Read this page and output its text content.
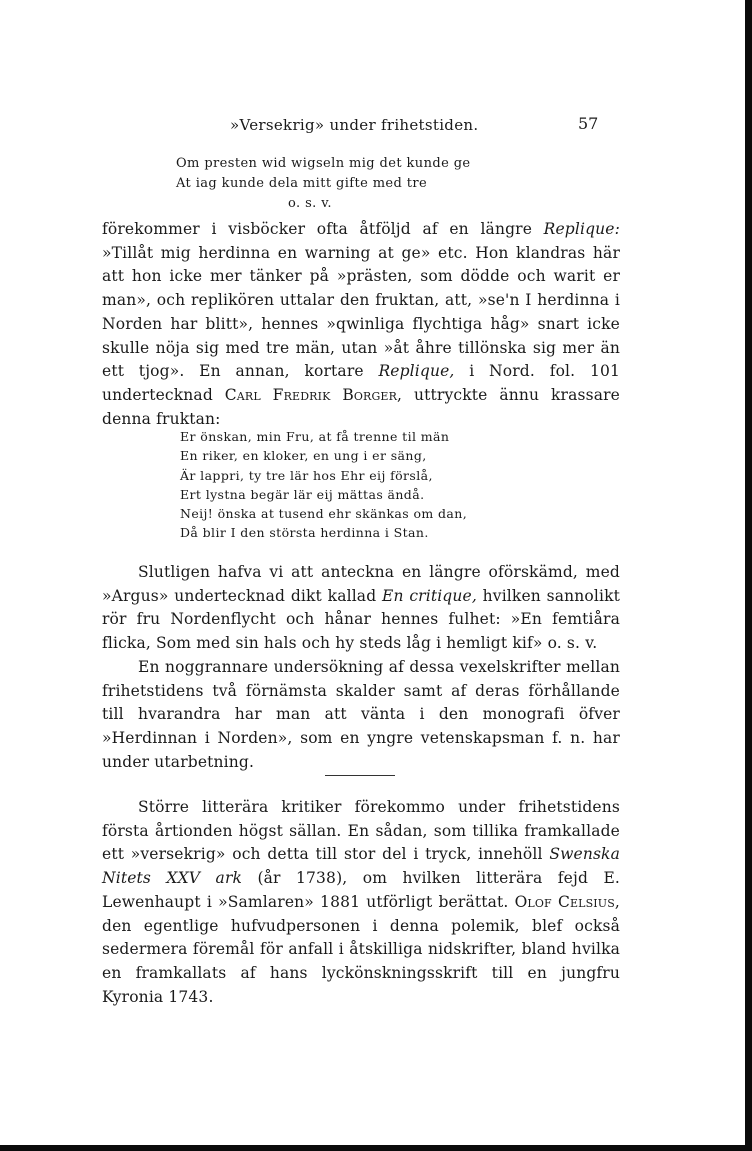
»Versekrig» under frihetstiden.	57
Om presten wid wigseln mig det kunde ge
At iag kunde dela mitt gifte med tre
o. s. v.

förekommer i visböcker ofta åtföljd af en längre Replique: »Tillåt mig herdinna en warning at ge» etc. Hon klandras här att hon icke mer tänker på »prästen, som dödde och warit er man», och replikören uttalar den fruktan, att, »se'n I herdinna i Norden har blitt», hennes »qwinliga flychtiga håg» snart icke skulle nöja sig med tre män, utan »åt åhre tillönska sig mer än ett tjog». En annan, kortare Replique, i Nord. fol. 101 undertecknad Carl Fredrik Borger, uttryckte ännu krassare denna fruktan:

Er önskan, min Fru, at få trenne til män
En riker, en kloker, en ung i er säng,
Är lappri, ty tre lär hos Ehr eij förslå,
Ert lystna begär lär eij mättas ändå.
Neij! önska at tusend ehr skänkas om dan,
Då blir I den största herdinna i Stan.

Slutligen hafva vi att anteckna en längre oförskämd, med »Argus» undertecknad dikt kallad En critique, hvilken sannolikt rör fru Nordenflycht och hånar hennes fulhet: »En femtiåra flicka, Som med sin hals och hy steds låg i hemligt kif» o. s. v.

En noggrannare undersökning af dessa vexelskrifter mellan frihetstidens två förnämsta skalder samt af deras förhållande till hvarandra har man att vänta i den monografi öfver »Herdinnan i Norden», som en yngre vetenskapsman f. n. har under utarbetning.

Större litterära kritiker förekommo under frihetstidens första årtionden högst sällan. En sådan, som tillika framkallade ett »versekrig» och detta till stor del i tryck, innehöll Swenska Nitets XXV ark (år 1738), om hvilken litterära fejd E. Lewenhaupt i »Samlaren» 1881 utförligt berättat. Olof Celsius, den egentlige hufvudpersonen i denna polemik, blef också sedermera föremål för anfall i åtskilliga nidskrifter, bland hvilka en framkallats af hans lyckönskningsskrift till en jungfru Kyronia 1743.
